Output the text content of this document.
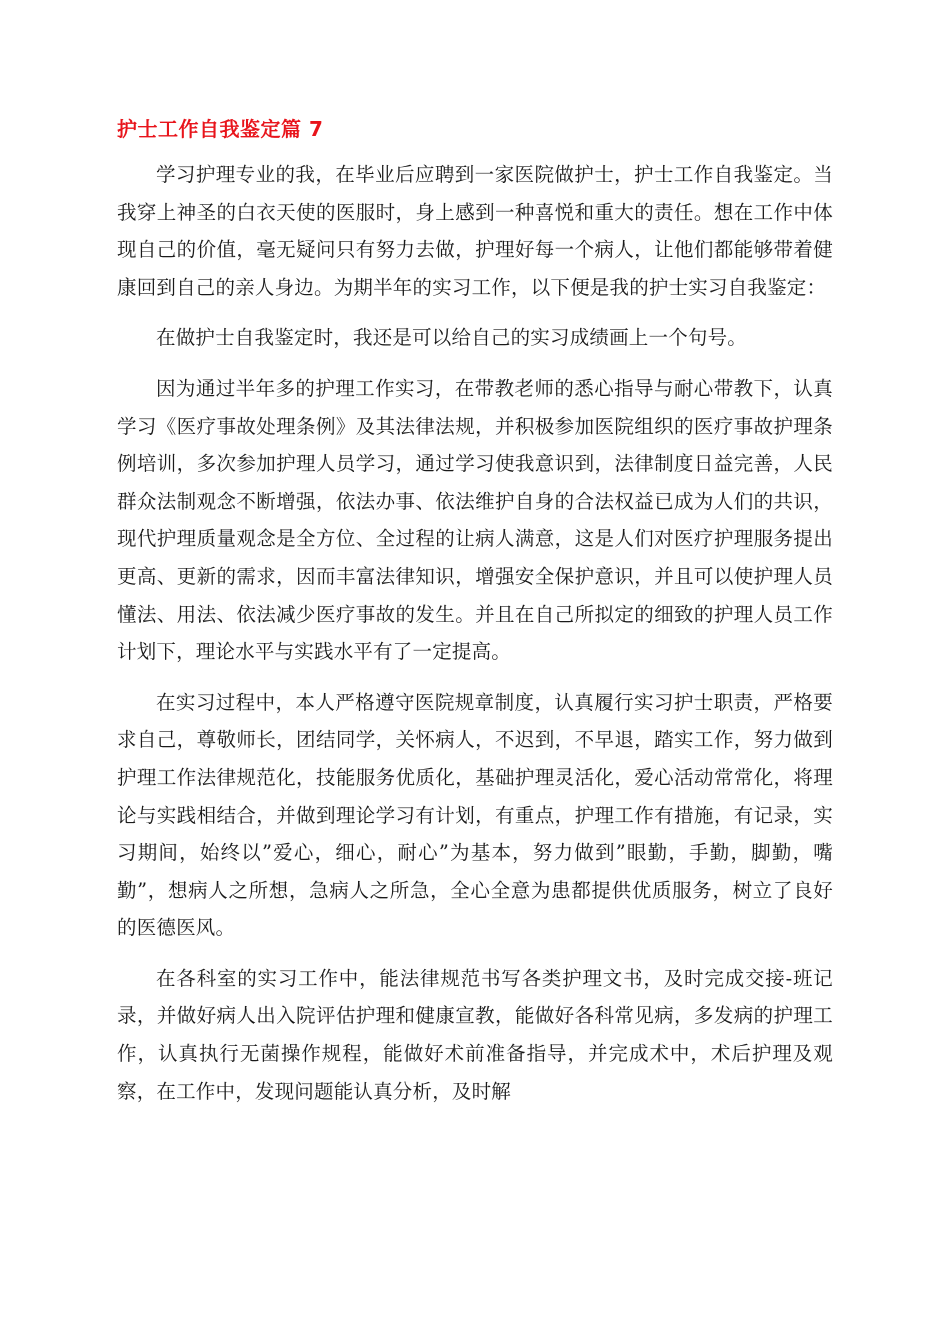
护士工作自我鉴定篇 7

学习护理专业的我，在毕业后应聘到一家医院做护士，护士工作自我鉴定。当我穿上神圣的白衣天使的医服时，身上感到一种喜悦和重大的责任。想在工作中体现自己的价值，毫无疑问只有努力去做，护理好每一个病人，让他们都能够带着健康回到自己的亲人身边。为期半年的实习工作，以下便是我的护士实习自我鉴定：

在做护士自我鉴定时，我还是可以给自己的实习成绩画上一个句号。

因为通过半年多的护理工作实习，在带教老师的悉心指导与耐心带教下，认真学习《医疗事故处理条例》及其法律法规，并积极参加医院组织的医疗事故护理条例培训，多次参加护理人员学习，通过学习使我意识到，法律制度日益完善，人民群众法制观念不断增强，依法办事、依法维护自身的合法权益已成为人们的共识，现代护理质量观念是全方位、全过程的让病人满意，这是人们对医疗护理服务提出更高、更新的需求，因而丰富法律知识，增强安全保护意识，并且可以使护理人员懂法、用法、依法减少医疗事故的发生。并且在自己所拟定的细致的护理人员工作计划下，理论水平与实践水平有了一定提高。

在实习过程中，本人严格遵守医院规章制度，认真履行实习护士职责，严格要求自己，尊敬师长，团结同学，关怀病人，不迟到，不早退，踏实工作，努力做到护理工作法律规范化，技能服务优质化，基础护理灵活化，爱心活动常常化，将理论与实践相结合，并做到理论学习有计划，有重点，护理工作有措施，有记录，实习期间，始终以”爱心，细心，耐心”为基本，努力做到”眼勤，手勤，脚勤，嘴勤”，想病人之所想，急病人之所急，全心全意为患都提供优质服务，树立了良好的医德医风。

在各科室的实习工作中，能法律规范书写各类护理文书，及时完成交接-班记录，并做好病人出入院评估护理和健康宣教，能做好各科常见病，多发病的护理工作，认真执行无菌操作规程，能做好术前准备指导，并完成术中，术后护理及观察，在工作中，发现问题能认真分析，及时解
